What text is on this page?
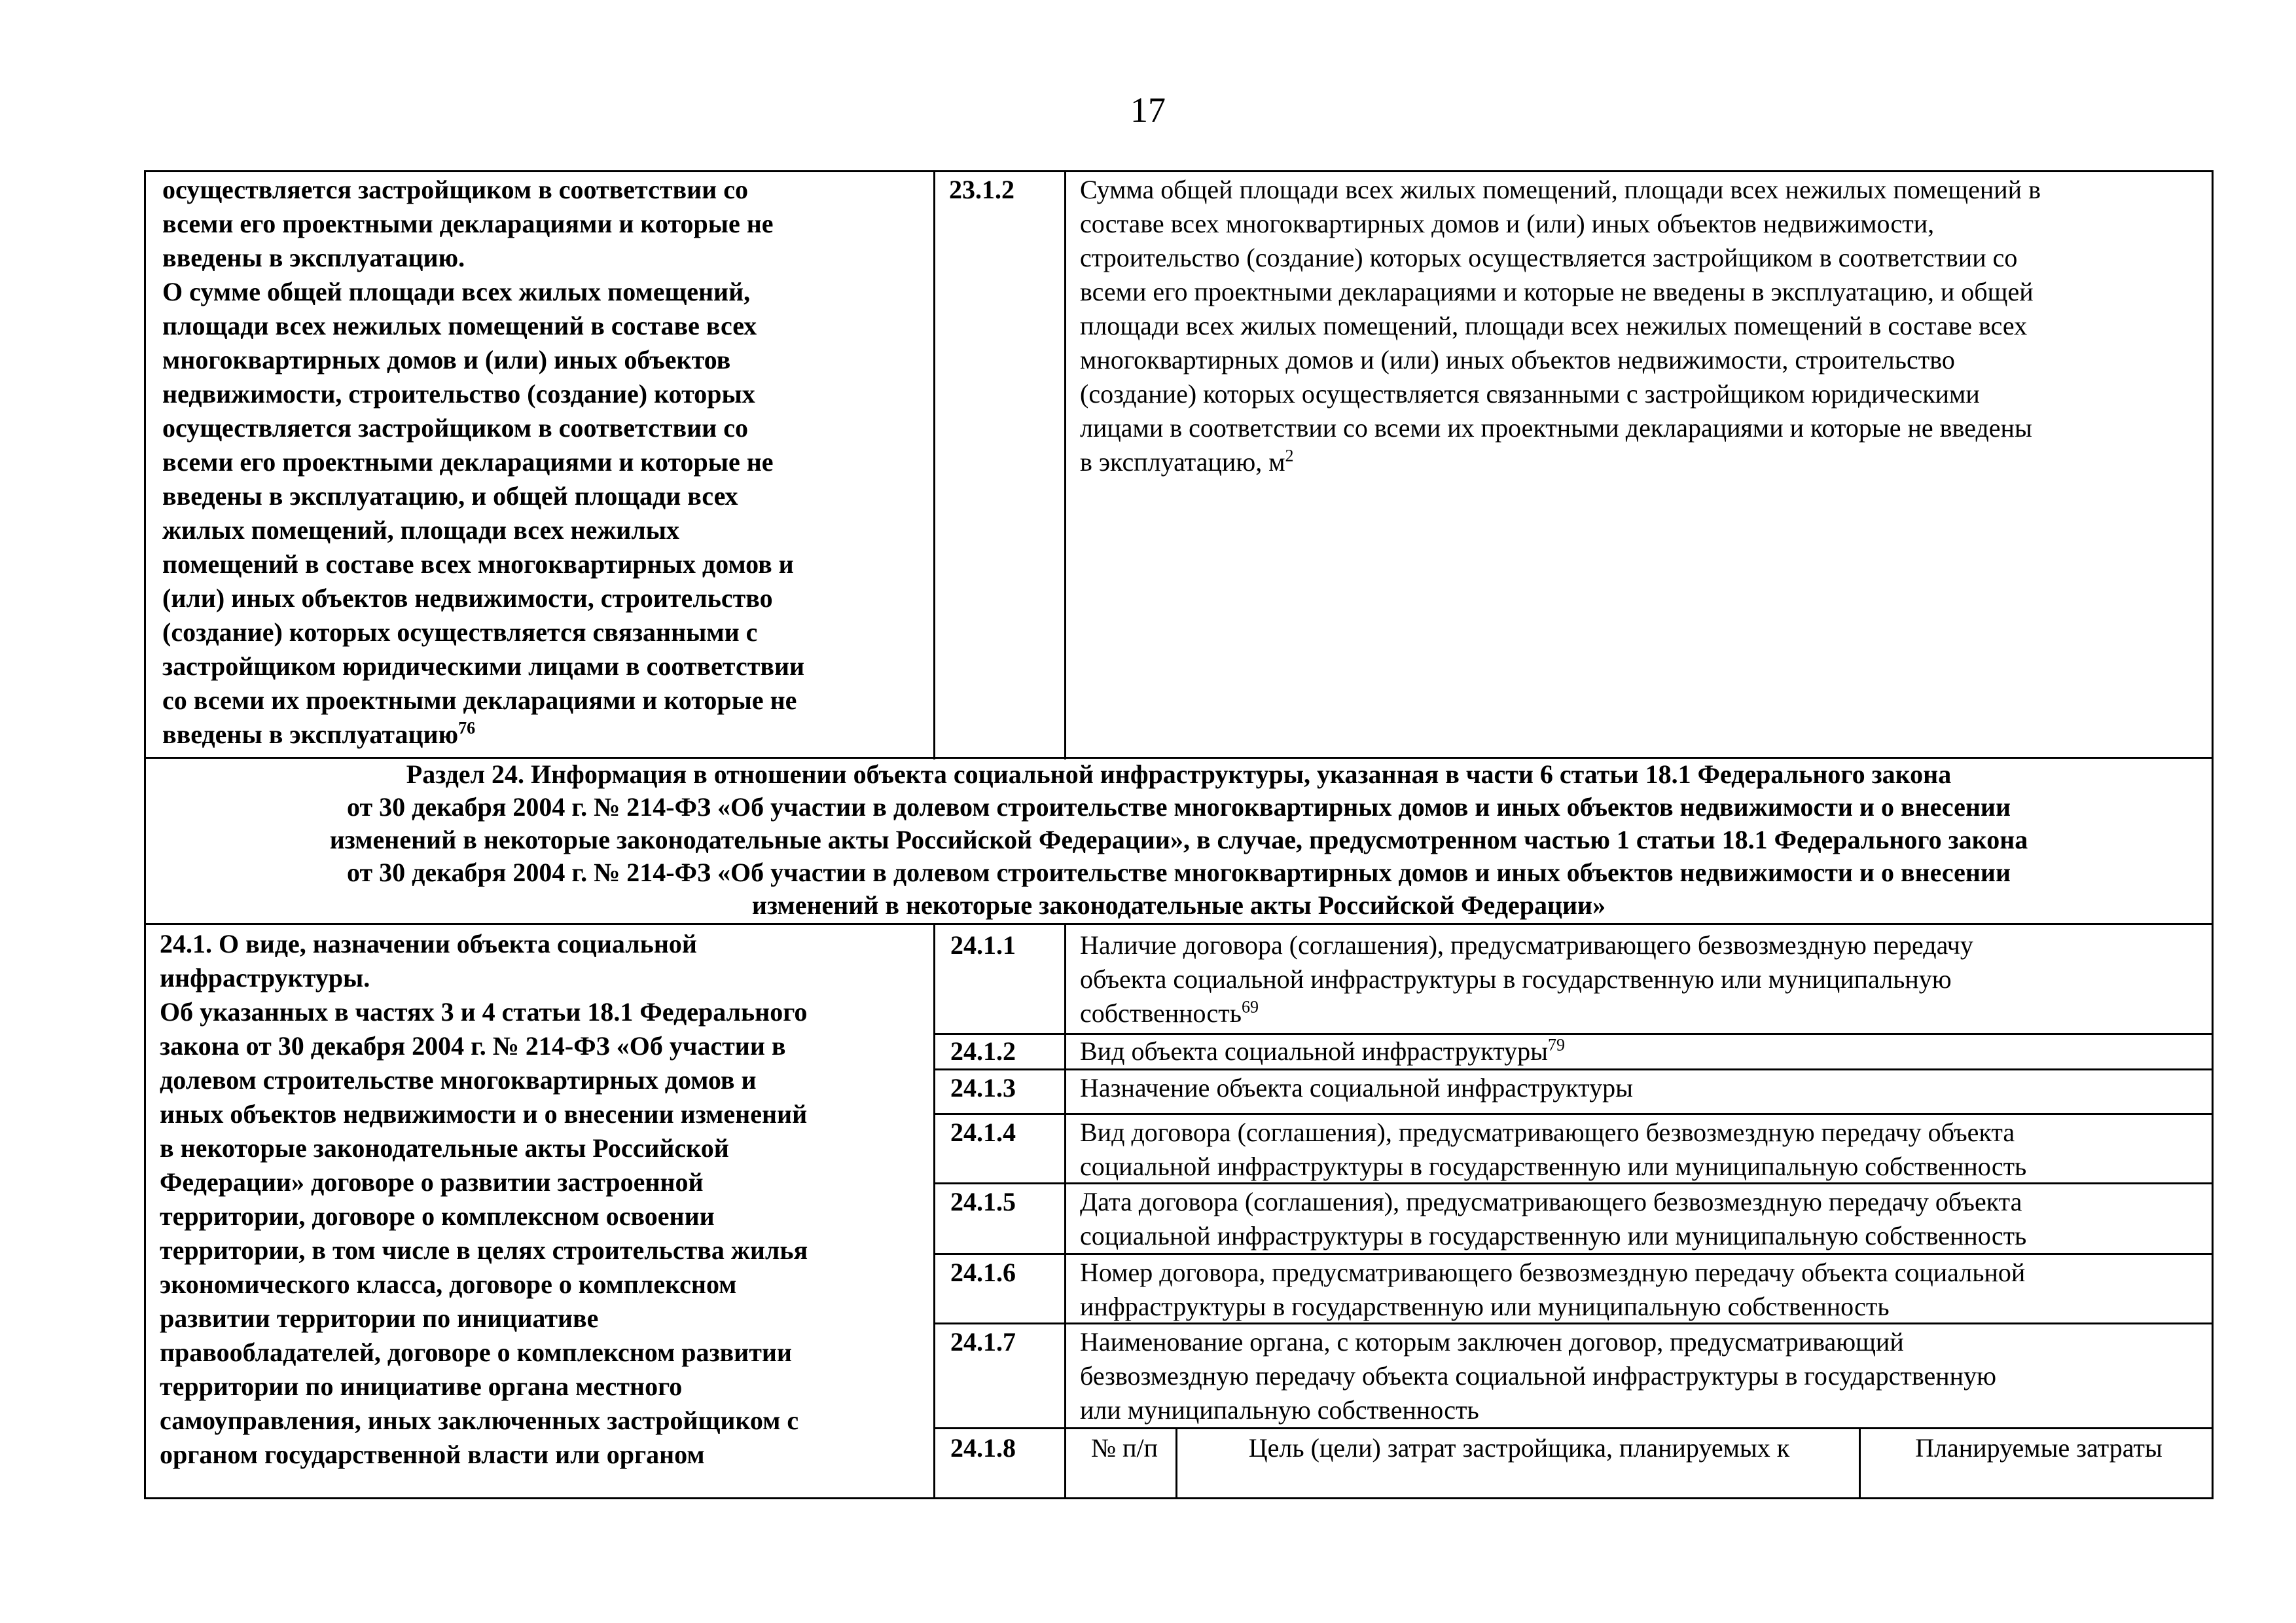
17
осуществляется застройщиком в соответствии со
всеми его проектными декларациями и которые не
введены в эксплуатацию.
О сумме общей площади всех жилых помещений,
площади всех нежилых помещений в составе всех
многоквартирных домов и (или) иных объектов
недвижимости, строительство (создание) которых
осуществляется застройщиком в соответствии со
всеми его проектными декларациями и которые не
введены в эксплуатацию, и общей площади всех
жилых помещений, площади всех нежилых
помещений в составе всех многоквартирных домов и
(или) иных объектов недвижимости, строительство
(создание) которых осуществляется связанными с
застройщиком юридическими лицами в соответствии
со всеми их проектными декларациями и которые не
введены в эксплуатацию$^{76}$
23.1.2	Сумма общей площади всех жилых помещений, площади всех нежилых помещений в
составе всех многоквартирных домов и (или) иных объектов недвижимости,
строительство (создание) которых осуществляется застройщиком в соответствии со
всеми его проектными декларациями и которые не введены в эксплуатацию, и общей
площади всех жилых помещений, площади всех нежилых помещений в составе всех
многоквартирных домов и (или) иных объектов недвижимости, строительство
(создание) которых осуществляется связанными с застройщиком юридическими
лицами в соответствии со всеми их проектными декларациями и которые не введены
в эксплуатацию, $м^2$
Раздел 24. Информация в отношении объекта социальной инфраструктуры, указанная в части 6 статьи 18.1 Федерального закона
от 30 декабря 2004 г. № 214-ФЗ «Об участии в долевом строительстве многоквартирных домов и иных объектов недвижимости и о внесении
изменений в некоторые законодательные акты Российской Федерации», в случае, предусмотренном частью 1 статьи 18.1 Федерального закона
от 30 декабря 2004 г. № 214-ФЗ «Об участии в долевом строительстве многоквартирных домов и иных объектов недвижимости и о внесении
изменений в некоторые законодательные акты Российской Федерации»
24.1. О виде, назначении объекта социальной
инфраструктуры.
Об указанных в частях 3 и 4 статьи 18.1 Федерального
закона от 30 декабря 2004 г. № 214-ФЗ «Об участии в
долевом строительстве многоквартирных домов и
иных объектов недвижимости и о внесении изменений
в некоторые законодательные акты Российской
Федерации» договоре о развитии застроенной
территории, договоре о комплексном освоении
территории, в том числе в целях строительства жилья
экономического класса, договоре о комплексном
развитии территории по инициативе
правообладателей, договоре о комплексном развитии
территории по инициативе органа местного
самоуправления, иных заключенных застройщиком с
органом государственной власти или органом
24.1.1 Наличие договора (соглашения), предусматривающего безвозмездную передачу
объекта социальной инфраструктуры в государственную или муниципальную
собственность$^{69}$
24.1.2 Вид объекта социальной инфраструктуры$^{79}$
24.1.3 Назначение объекта социальной инфраструктуры
24.1.4 Вид договора (соглашения), предусматривающего безвозмездную передачу объекта
социальной инфраструктуры в государственную или муниципальную собственность
24.1.5 Дата договора (соглашения), предусматривающего безвозмездную передачу объекта
социальной инфраструктуры в государственную или муниципальную собственность
24.1.6 Номер договора, предусматривающего безвозмездную передачу объекта социальной
инфраструктуры в государственную или муниципальную собственность
24.1.7 Наименование органа, с которым заключен договор, предусматривающий
безвозмездную передачу объекта социальной инфраструктуры в государственную
или муниципальную собственность
24.1.8	№ п/п	Цель (цели) затрат застройщика, планируемых к	Планируемые затраты
